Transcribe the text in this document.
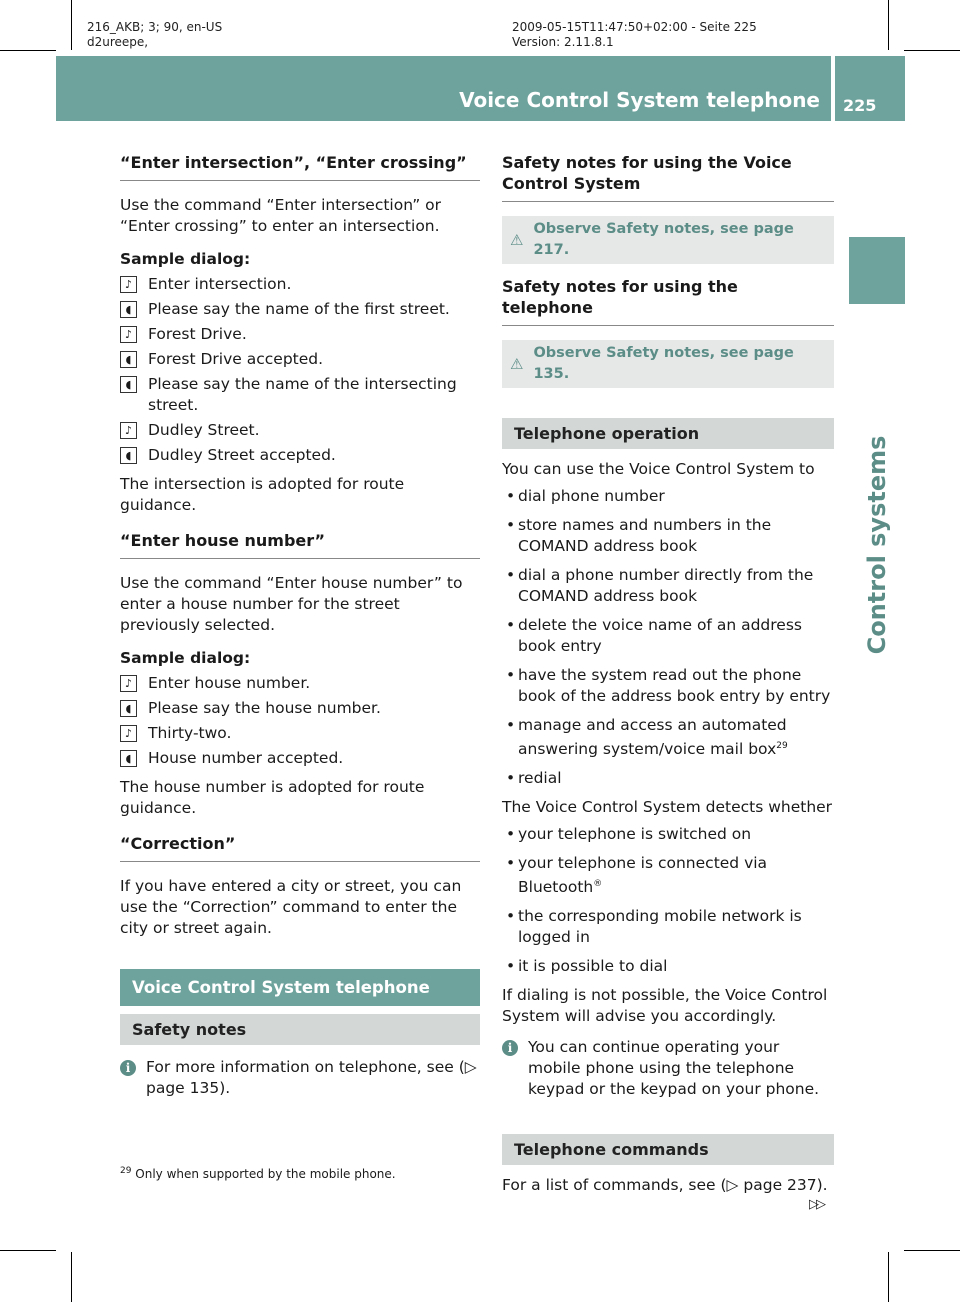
216_AKB; 3; 90, en-US
d2ureepe,
2009-05-15T11:47:50+02:00 - Seite 225
Version: 2.11.8.1
Voice Control System telephone 225
Control systems
“Enter intersection”, “Enter crossing”

Use the command “Enter intersection” or “Enter crossing” to enter an intersection.

Sample dialog:

♪	Enter intersection.
◖	Please say the name of the first street.
♪	Forest Drive.
◖	Forest Drive accepted.
◖	Please say the name of the intersecting street.
♪	Dudley Street.
◖	Dudley Street accepted.

The intersection is adopted for route guidance.

“Enter house number”

Use the command “Enter house number” to enter a house number for the street previously selected.

Sample dialog:

♪	Enter house number.
◖	Please say the house number.
♪	Thirty-two.
◖	House number accepted.

The house number is adopted for route guidance.

“Correction”

If you have entered a city or street, you can use the “Correction” command to enter the city or street again.

Voice Control System telephone
Safety notes
i	For more information on telephone, see (▷ page 135).
Safety notes for using the Voice Control System
⚠
Observe Safety notes, see page 217.
Safety notes for using the telephone
⚠
Observe Safety notes, see page 135.
Telephone operation

You can use the Voice Control System to

• dial phone number
• store names and numbers in the COMAND address book
• dial a phone number directly from the COMAND address book
• delete the voice name of an address book entry
• have the system read out the phone book of the address book entry by entry
• manage and access an automated answering system/voice mail box$^{29}$
• redial

The Voice Control System detects whether

• your telephone is switched on
• your telephone is connected via Bluetooth®
• the corresponding mobile network is logged in
• it is possible to dial

If dialing is not possible, the Voice Control System will advise you accordingly.

i	You can continue operating your mobile phone using the telephone keypad or the keypad on your phone.
Telephone commands

For a list of commands, see (▷ page 237).

$^{29}$ Only when supported by the mobile phone.
▷▷
